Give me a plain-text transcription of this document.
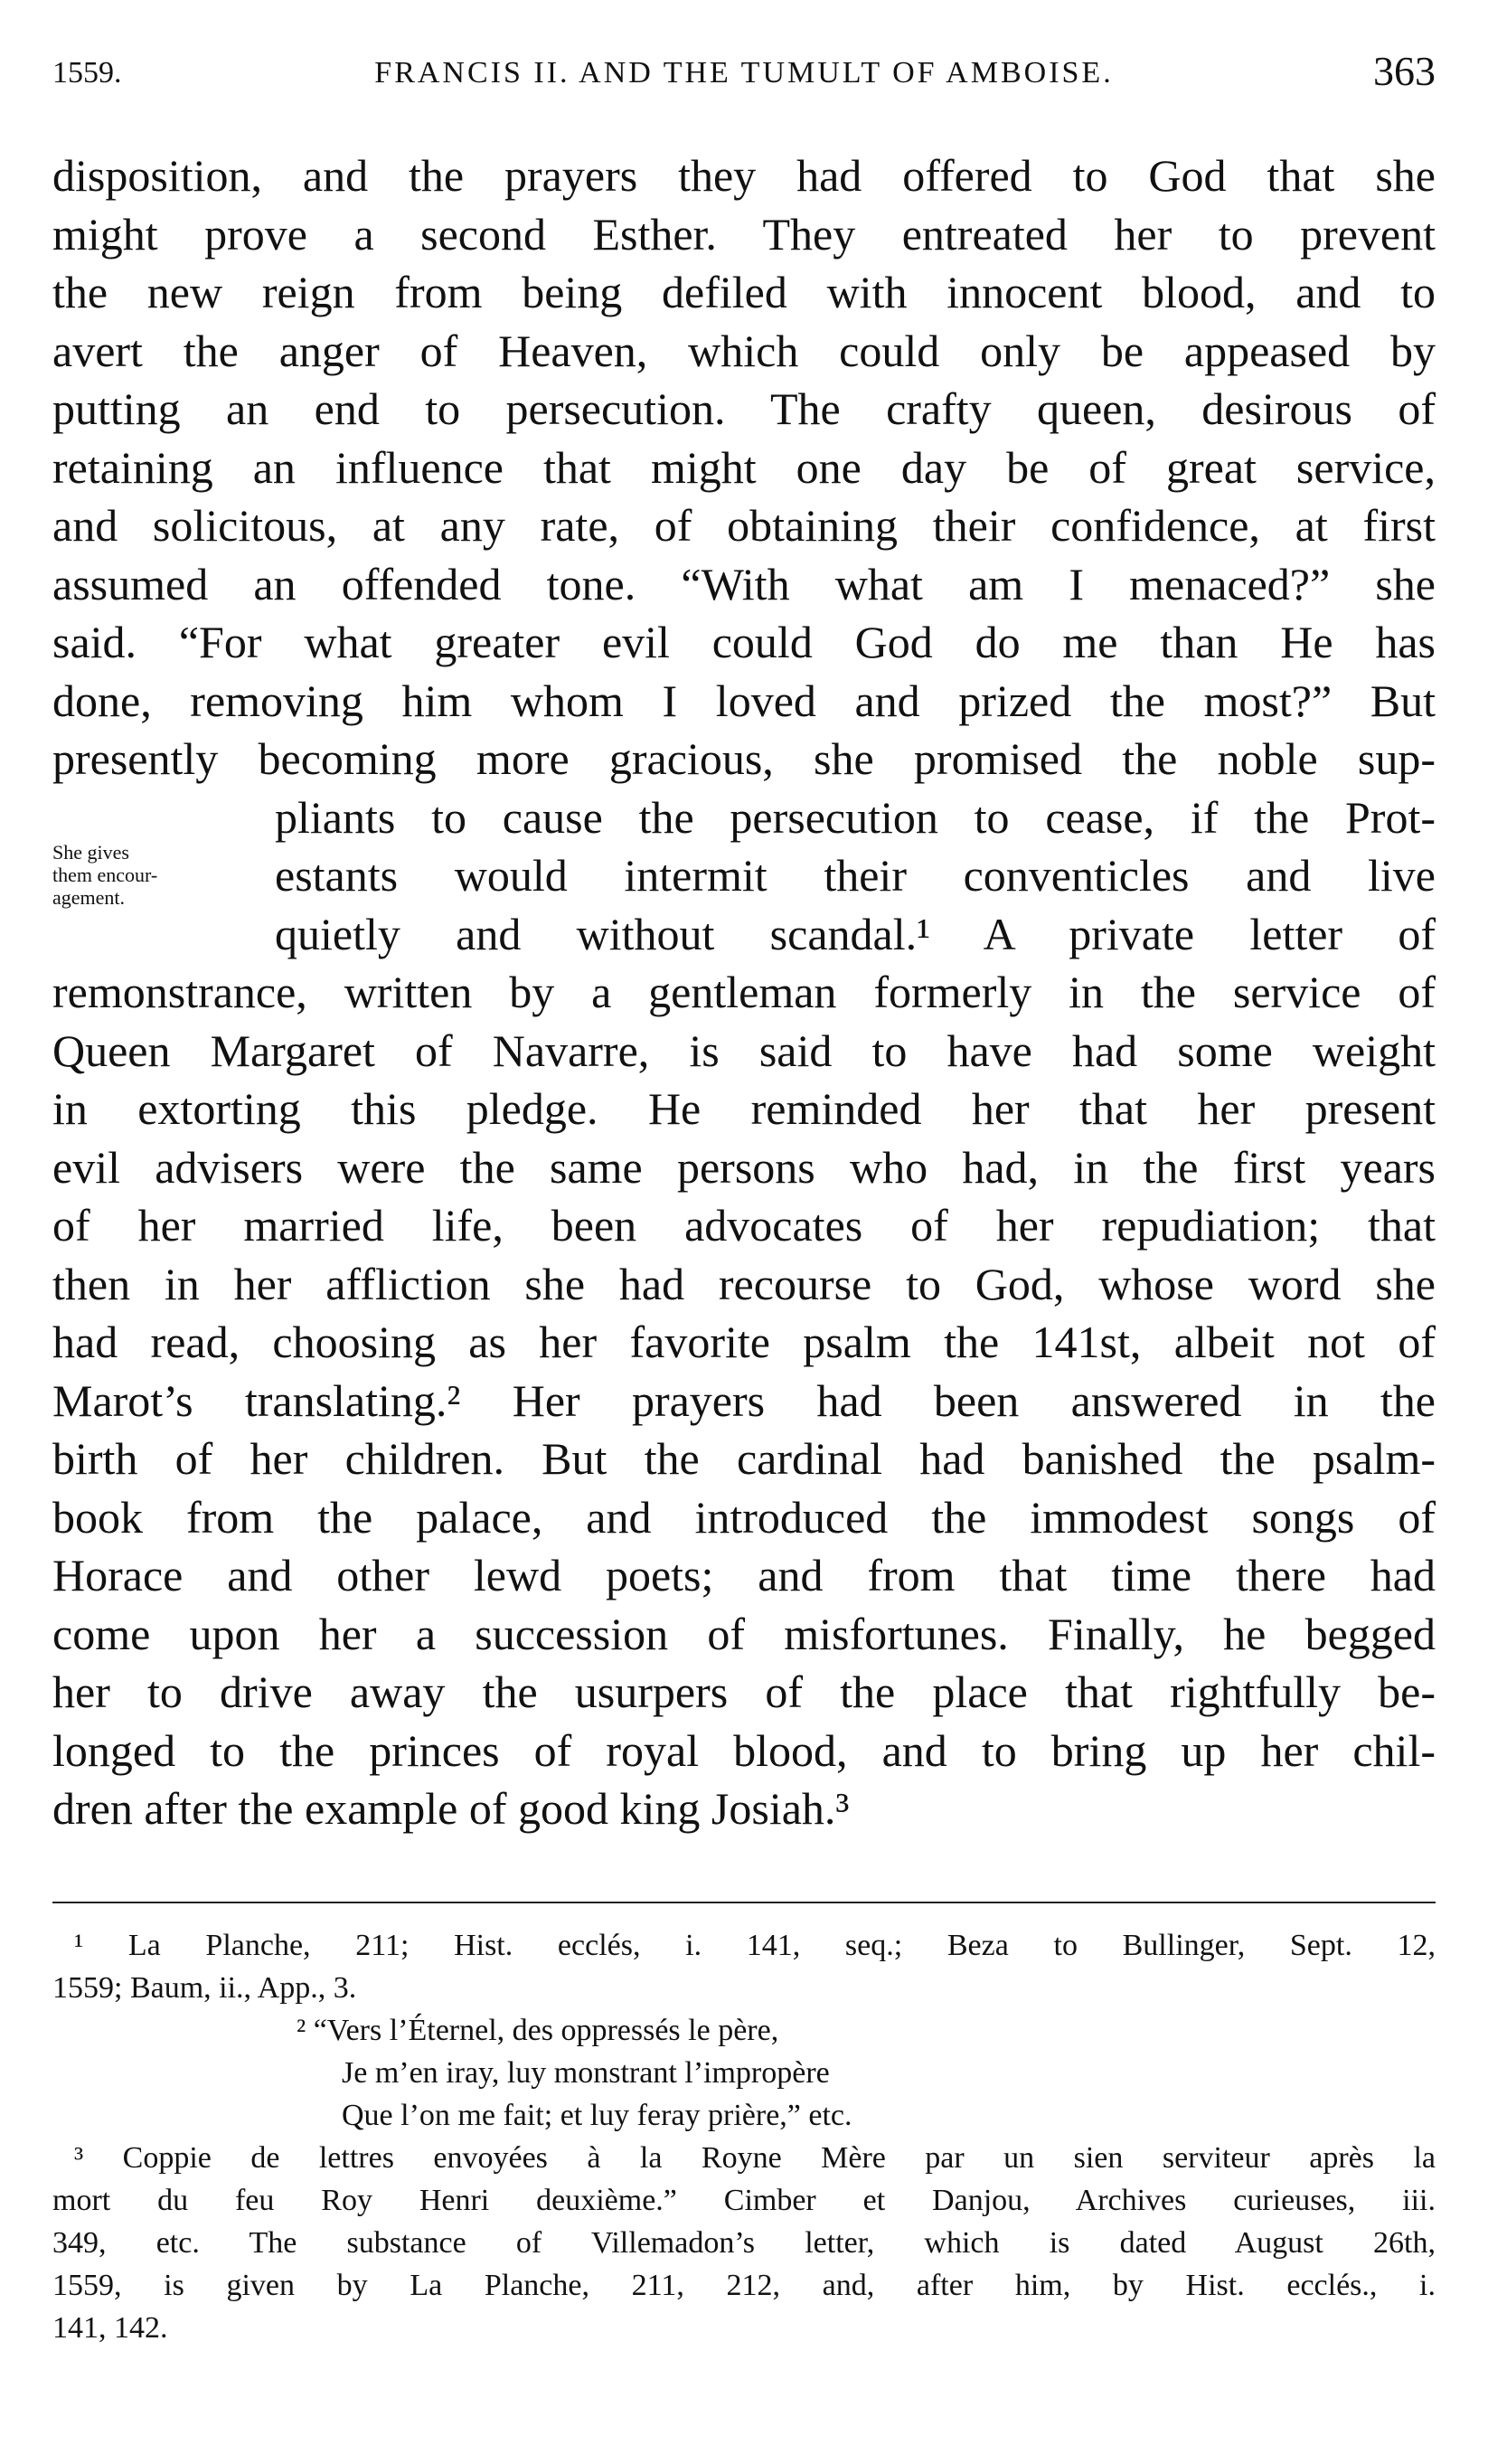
1559.	FRANCIS II. AND THE TUMULT OF AMBOISE.	363
She gives
them encour-
agement.
disposition, and the prayers they had offered to God that she
might prove a second Esther. They entreated her to prevent
the new reign from being defiled with innocent blood, and to
avert the anger of Heaven, which could only be appeased by
putting an end to persecution. The crafty queen, desirous of
retaining an influence that might one day be of great service,
and solicitous, at any rate, of obtaining their confidence, at first
assumed an offended tone. “With what am I menaced?” she
said. “For what greater evil could God do me than He has
done, removing him whom I loved and prized the most?” But
presently becoming more gracious, she promised the noble sup-
pliants to cause the persecution to cease, if the Prot-
estants would intermit their conventicles and live
quietly and without scandal.¹ A private letter of
remonstrance, written by a gentleman formerly in the service of
Queen Margaret of Navarre, is said to have had some weight
in extorting this pledge. He reminded her that her present
evil advisers were the same persons who had, in the first years
of her married life, been advocates of her repudiation; that
then in her affliction she had recourse to God, whose word she
had read, choosing as her favorite psalm the 141st, albeit not of
Marot’s translating.² Her prayers had been answered in the
birth of her children. But the cardinal had banished the psalm-
book from the palace, and introduced the immodest songs of
Horace and other lewd poets; and from that time there had
come upon her a succession of misfortunes. Finally, he begged
her to drive away the usurpers of the place that rightfully be-
longed to the princes of royal blood, and to bring up her chil-
dren after the example of good king Josiah.³
¹ La Planche, 211; Hist. ecclés, i. 141, seq.; Beza to Bullinger, Sept. 12,
1559; Baum, ii., App., 3.
² “Vers l’Éternel, des oppressés le père,
Je m’en iray, luy monstrant l’impropère
Que l’on me fait; et luy feray prière,” etc.
³ Coppie de lettres envoyées à la Royne Mère par un sien serviteur après la
mort du feu Roy Henri deuxième.” Cimber et Danjou, Archives curieuses, iii.
349, etc. The substance of Villemadon’s letter, which is dated August 26th,
1559, is given by La Planche, 211, 212, and, after him, by Hist. ecclés., i.
141, 142.
